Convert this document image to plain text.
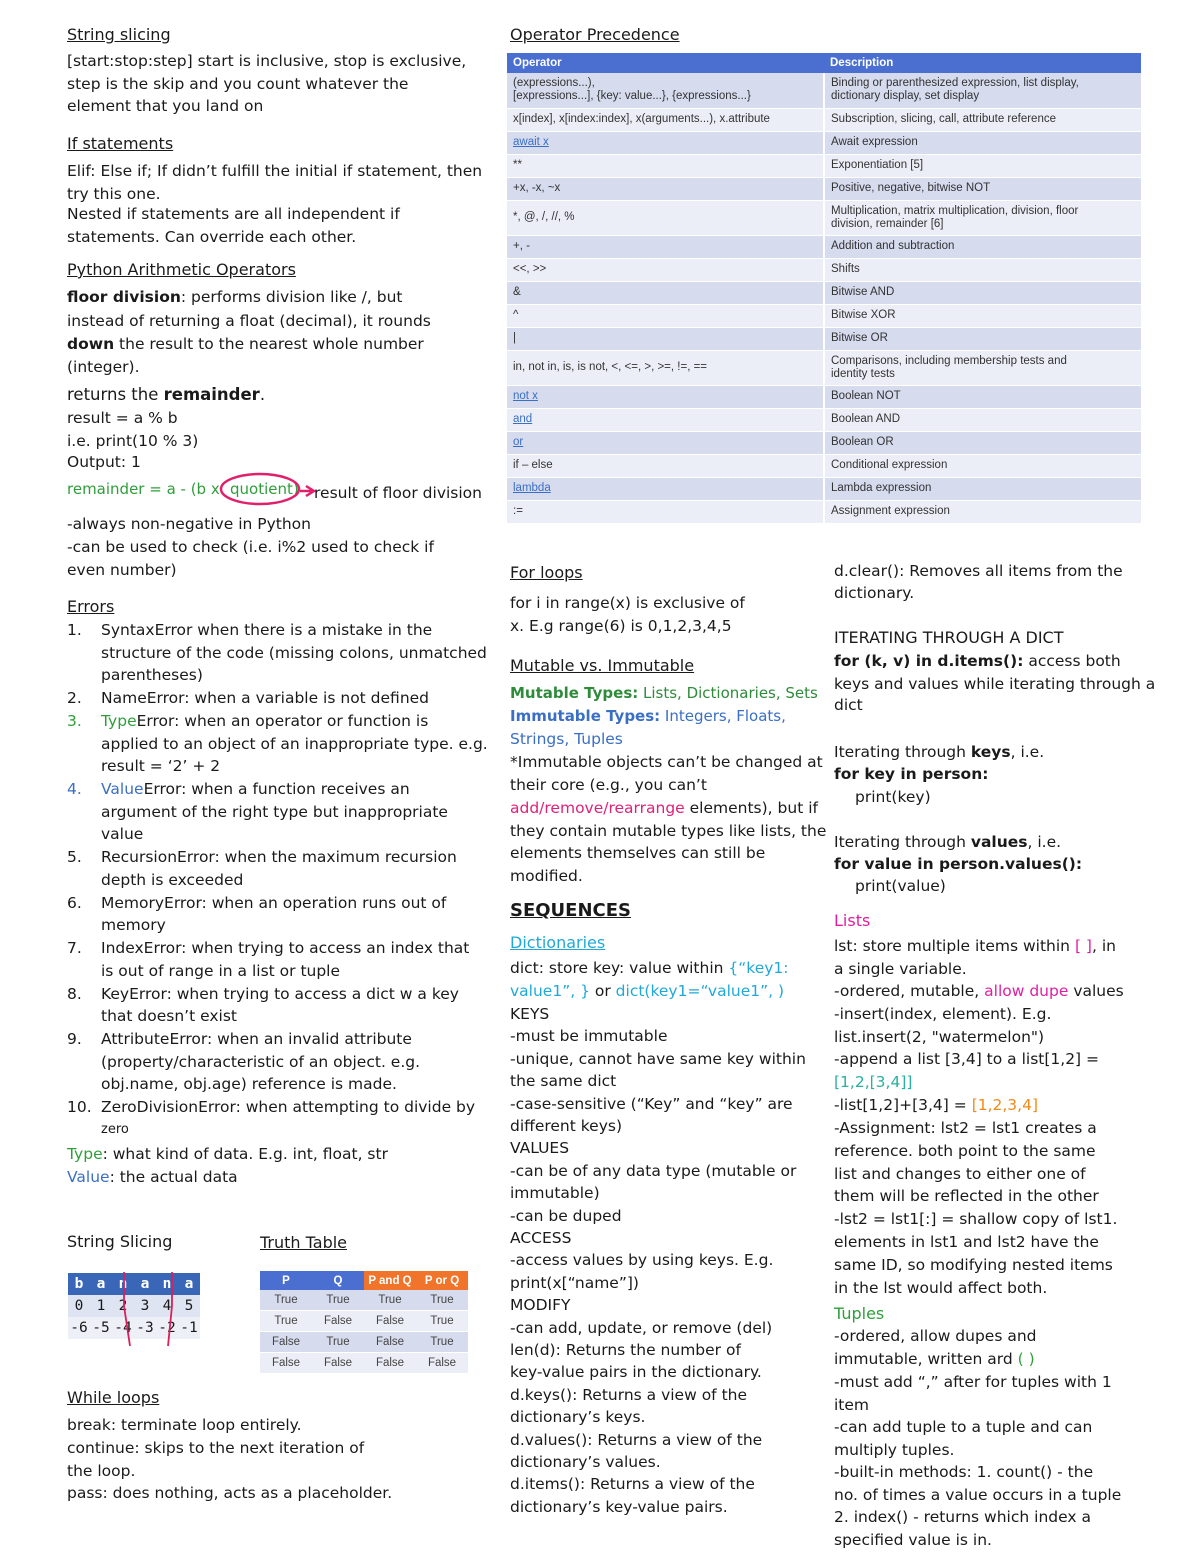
String slicing
[start:stop:step] start is inclusive, stop is exclusive,
step is the skip and you count whatever the
element that you land on
If statements
Elif: Else if; If didn’t fulfill the initial if statement, then
try this one.
Nested if statements are all independent if
statements. Can override each other.
Python Arithmetic Operators
floor division: performs division like /, but
instead of returning a float (decimal), it rounds
down the result to the nearest whole number
(integer).
returns the remainder.
result = a % b
i.e. print(10 % 3)
Output: 1
remainder = a - (b x quotient) result of floor division
-always non-negative in Python
-can be used to check (i.e. i%2 used to check if
even number)
Errors
1.	SyntaxError when there is a mistake in the
structure of the code (missing colons, unmatched
parentheses)
2.	NameError: when a variable is not defined
3.	TypeError: when an operator or function is
applied to an object of an inappropriate type. e.g.
result = ‘2’ + 2
4.	ValueError: when a function receives an
argument of the right type but inappropriate
value
5.	RecursionError: when the maximum recursion
depth is exceeded
6.	MemoryError: when an operation runs out of
memory
7.	IndexError: when trying to access an index that
is out of range in a list or tuple
8.	KeyError: when trying to access a dict w a key
that doesn’t exist
9.	AttributeError: when an invalid attribute
(property/characteristic of an object. e.g.
obj.name, obj.age) reference is made.
10. ZeroDivisionError: when attempting to divide by
zero
Type: what kind of data. E.g. int, float, str
Value: the actual data
String Slicing
b	a	n	a	n	a
0	1	2	3	4	5
-6	-5	-4	-3	-2	-1
Truth Table
P	Q	P and Q	P or Q
True	True	True	True
True	False	False	True
False	True	False	True
False	False	False	False
While loops
break: terminate loop entirely.
continue: skips to the next iteration of
the loop.
pass: does nothing, acts as a placeholder.
Operator Precedence
Operator	Description
(expressions...),
[expressions...], {key: value...}, {expressions...}	Binding or parenthesized expression, list display,
dictionary display, set display
x[index], x[index:index], x(arguments...), x.attribute	Subscription, slicing, call, attribute reference
await x	Await expression
**	Exponentiation [5]
+x, -x, ~x	Positive, negative, bitwise NOT
*, @, /, //, %	Multiplication, matrix multiplication, division, floor
division, remainder [6]
+, -	Addition and subtraction
<<, >>	Shifts
&	Bitwise AND
^	Bitwise XOR
|	Bitwise OR
in, not in, is, is not, <, <=, >, >=, !=, ==	Comparisons, including membership tests and
identity tests
not x	Boolean NOT
and	Boolean AND
or	Boolean OR
if – else	Conditional expression
lambda	Lambda expression
:=	Assignment expression
For loops
for i in range(x) is exclusive of
x. E.g range(6) is 0,1,2,3,4,5
Mutable vs. Immutable
Mutable Types: Lists, Dictionaries, Sets
Immutable Types: Integers, Floats,
Strings, Tuples
*Immutable objects can’t be changed at
their core (e.g., you can’t
add/remove/rearrange elements), but if
they contain mutable types like lists, the
elements themselves can still be
modified.
SEQUENCES
Dictionaries
dict: store key: value within {“key1:
value1”, } or dict(key1=“value1”, )
KEYS
-must be immutable
-unique, cannot have same key within
the same dict
-case-sensitive (“Key” and “key” are
different keys)
VALUES
-can be of any data type (mutable or
immutable)
-can be duped
ACCESS
-access values by using keys. E.g.
print(x[“name”])
MODIFY
-can add, update, or remove (del)
len(d): Returns the number of
key-value pairs in the dictionary.
d.keys(): Returns a view of the
dictionary’s keys.
d.values(): Returns a view of the
dictionary’s values.
d.items(): Returns a view of the
dictionary’s key-value pairs.
d.clear(): Removes all items from the
dictionary.
ITERATING THROUGH A DICT
for (k, v) in d.items(): access both
keys and values while iterating through a
dict
Iterating through keys, i.e.
for key in person:
print(key)
Iterating through values, i.e.
for value in person.values():
print(value)
Lists
lst: store multiple items within [ ], in
a single variable.
-ordered, mutable, allow dupe values
-insert(index, element). E.g.
list.insert(2, "watermelon")
-append a list [3,4] to a list[1,2] =
[1,2,[3,4]]
-list[1,2]+[3,4] = [1,2,3,4]
-Assignment: lst2 = lst1 creates a
reference. both point to the same
list and changes to either one of
them will be reflected in the other
-lst2 = lst1[:] = shallow copy of lst1.
elements in lst1 and lst2 have the
same ID, so modifying nested items
in the lst would affect both.
Tuples
-ordered, allow dupes and
immutable, written ard ( )
-must add “,” after for tuples with 1
item
-can add tuple to a tuple and can
multiply tuples.
-built-in methods: 1. count() - the
no. of times a value occurs in a tuple
2. index() - returns which index a
specified value is in.
